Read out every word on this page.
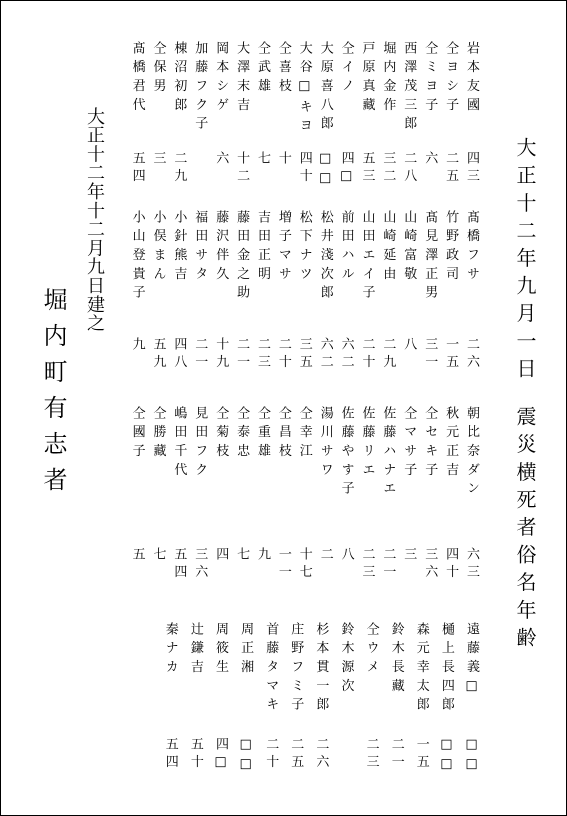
大正十二年九月一日
震災横死者俗名年齢
岩本友國
四三
仝ヨシ子
二五
仝ミヨ子
六
西澤茂三郎
二八
堀内金作
三二
戸原真藏
五三
仝イノ
四□
大原喜八郎
□□
大谷□キヨ
四十
仝喜枝
十
仝武雄
七
大澤末吉
十二
岡本シゲ
六
加藤フク子
棟沼初郎
二九
仝保男
三
髙橋君代
五四
髙橋フサ
二六
竹野政司
一五
髙見澤正男
三一
山崎富敬
八
山崎延由
二九
山田エイ子
二十
前田ハル
六二
松井淺次郎
六二
松下ナツ
三五
増子マサ
二十
吉田正明
二三
藤田金之助
二一
藤沢伴久
十九
福田サタ
二一
小針熊吉
四八
小俣まん
五九
小山登貴子
九
朝比奈ダン
六三
秋元正吉
四十
仝セキ子
三六
仝マサ子
三
佐藤ハナエ
二一
佐藤リエ
二三
佐藤やす子
八
湯川サワ
二
仝幸江
十七
仝昌枝
一一
仝重雄
九
仝泰忠
七
仝菊枝
四
見田フク
三六
嶋田千代
五四
仝勝藏
七
仝國子
五
遠藤義□
□□
樋上長四郎
□□
森元幸太郎
一五
鈴木長藏
二一
仝ウメ
二三
鈴木源次
杉本貫一郎
二六
庄野フミ子
二五
首藤タマキ
二十
周正湘
□□
周筱生
四□
辻鎌吉
五十
秦ナカ
五四
大正十二年十二月九日建之
堀内町有志者
